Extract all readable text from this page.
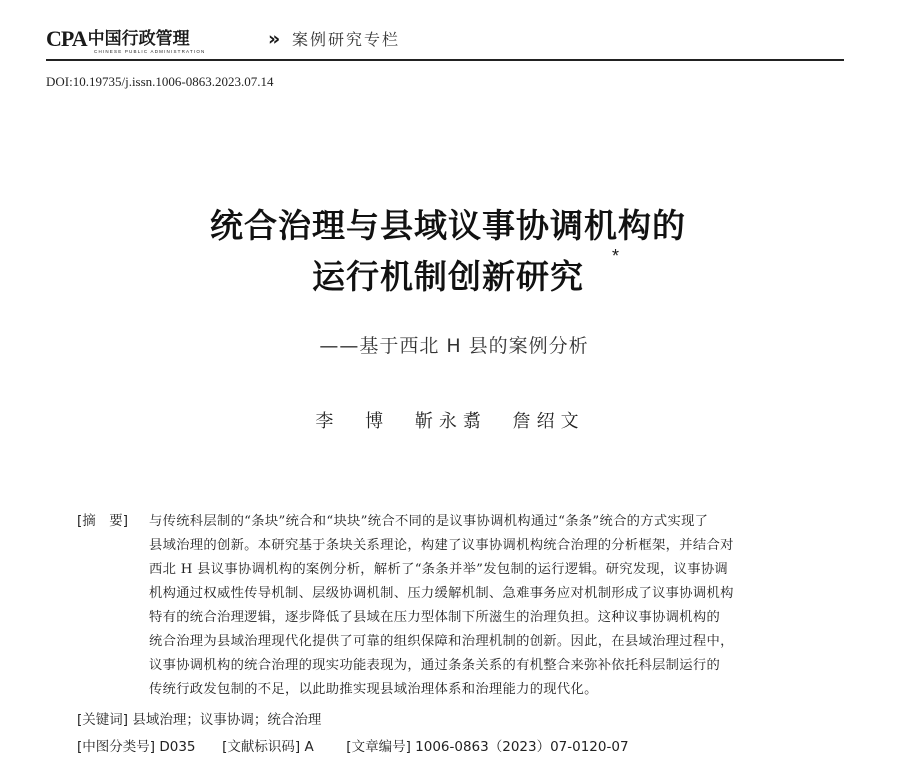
CPA 中国行政管理
CHINESE PUBLIC ADMINISTRATION
» 案例研究专栏
DOI:10.19735/j.issn.1006-0863.2023.07.14
统合治理与县域议事协调机构的
运行机制创新研究
*
——基于西北 H 县的案例分析
李 博 靳永翥 詹绍文
[摘　要] 与传统科层制的“条块”统合和“块块”统合不同的是议事协调机构通过“条条”统合的方式实现了
县域治理的创新。本研究基于条块关系理论，构建了议事协调机构统合治理的分析框架，并结合对
西北 H 县议事协调机构的案例分析，解析了“条条并举”发包制的运行逻辑。研究发现，议事协调
机构通过权威性传导机制、层级协调机制、压力缓解机制、急难事务应对机制形成了议事协调机构
特有的统合治理逻辑，逐步降低了县域在压力型体制下所滋生的治理负担。这种议事协调机构的
统合治理为县域治理现代化提供了可靠的组织保障和治理机制的创新。因此，在县域治理过程中，
议事协调机构的统合治理的现实功能表现为，通过条条关系的有机整合来弥补依托科层制运行的
传统行政发包制的不足，以此助推实现县域治理体系和治理能力的现代化。
[关键词] 县域治理；议事协调；统合治理
[中图分类号] D035 [文献标识码] A [文章编号] 1006-0863（2023）07-0120-07
